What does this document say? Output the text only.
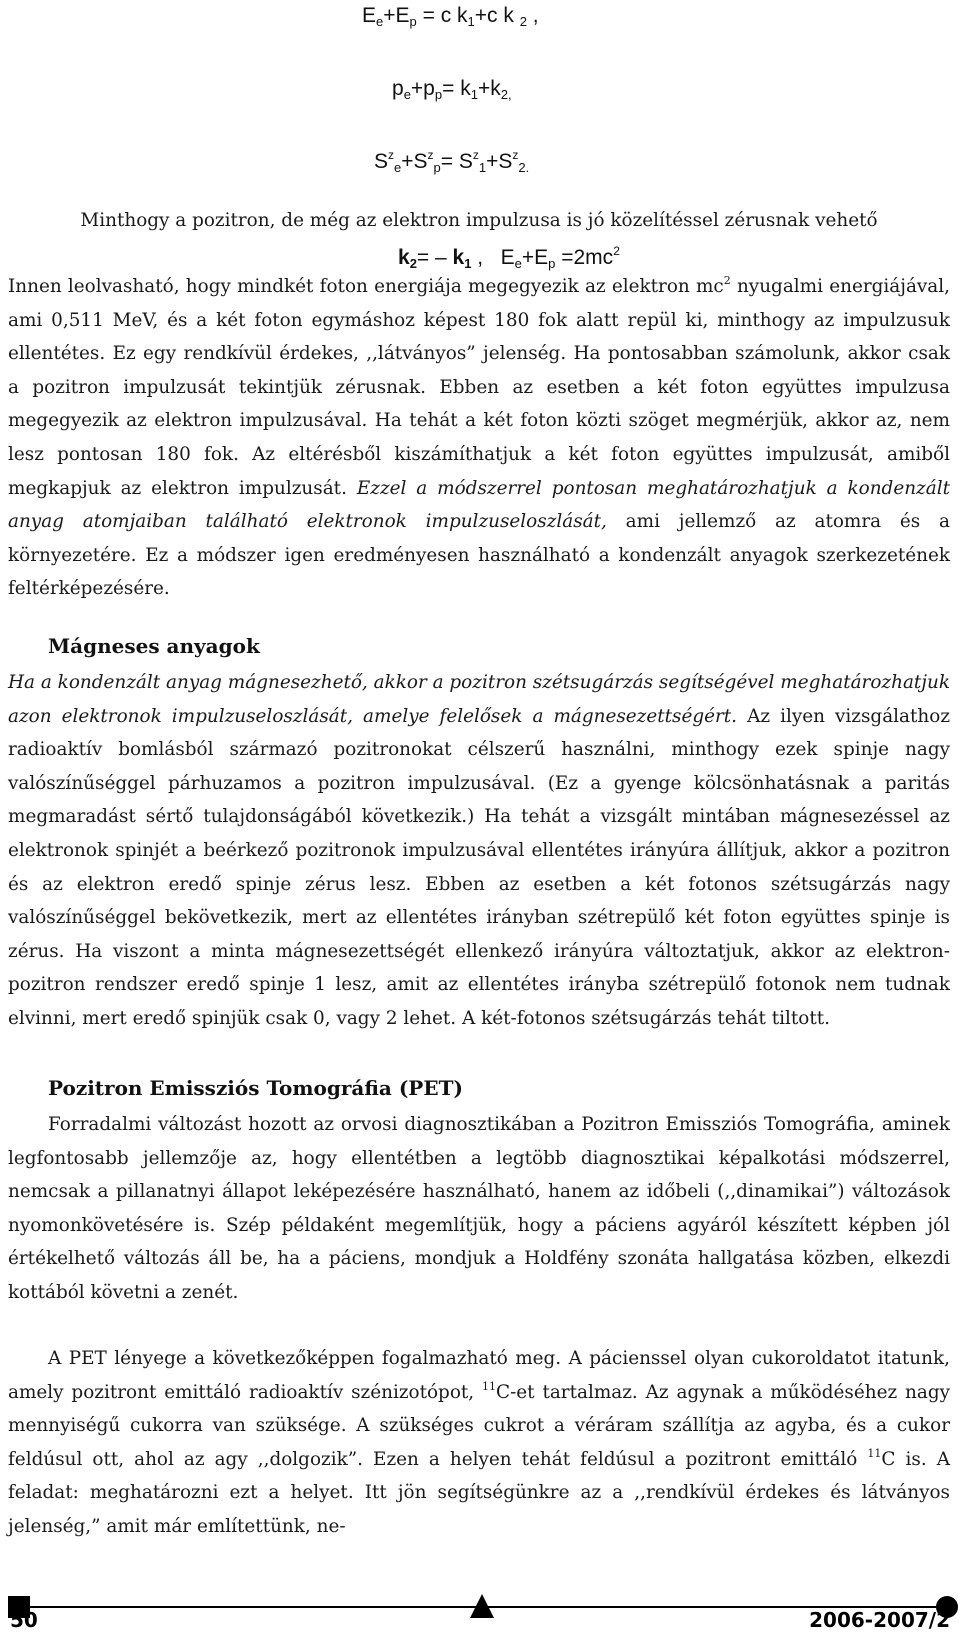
$E_e+E_p = c$ $k_1+c$ k $_2$ ,
$p_e+p_p= k_1+k_{2,}$
$S^z_e+S^z_p= S^z_1+S^z_{2.}$

Minthogy a pozitron, de még az elektron impulzusa is jó közelítéssel zérusnak vehető

$k_2= - k_1$ ,   $E_e+E_p =2mc^2$

Innen leolvasható, hogy mindkét foton energiája megegyezik az elektron $mc^2$ nyugalmi energiájával, ami 0,511 MeV, és a két foton egymáshoz képest 180 fok alatt repül ki, minthogy az impulzusuk ellentétes. Ez egy rendkívül érdekes, ,,látványos” jelenség. Ha pontosabban számolunk, akkor csak a pozitron impulzusát tekintjük zérusnak. Ebben az esetben a két foton együttes impulzusa megegyezik az elektron impulzusával. Ha tehát a két foton közti szöget megmérjük, akkor az, nem lesz pontosan 180 fok. Az eltérésből kiszámíthatjuk a két foton együttes impulzusát, amiből megkapjuk az elektron impulzusát. Ezzel a módszerrel pontosan meghatározhatjuk a kondenzált anyag atomjaiban található elektronok impulzuseloszlását, ami jellemző az atomra és a környezetére. Ez a módszer igen eredményesen használható a kondenzált anyagok szerkezetének feltérképezésére.

Mágneses anyagok

Ha a kondenzált anyag mágnesezhető, akkor a pozitron szétsugárzás segítségével meghatározhatjuk azon elektronok impulzuseloszlását, amelye felelősek a mágnesezettségért. Az ilyen vizsgálathoz radioaktív bomlásból származó pozitronokat célszerű használni, minthogy ezek spinje nagy valószínűséggel párhuzamos a pozitron impulzusával. (Ez a gyenge kölcsönhatásnak a paritás megmaradást sértő tulajdonságából következik.) Ha tehát a vizsgált mintában mágnesezéssel az elektronok spinjét a beérkező pozitronok impulzusával ellentétes irányúra állítjuk, akkor a pozitron és az elektron eredő spinje zérus lesz. Ebben az esetben a két fotonos szétsugárzás nagy valószínűséggel bekövetkezik, mert az ellentétes irányban szétrepülő két foton együttes spinje is zérus. Ha viszont a minta mágnesezettségét ellenkező irányúra változtatjuk, akkor az elektron-pozitron rendszer eredő spinje 1 lesz, amit az ellentétes irányba szétrepülő fotonok nem tudnak elvinni, mert eredő spinjük csak 0, vagy 2 lehet. A két-fotonos szétsugárzás tehát tiltott.

Pozitron Emissziós Tomográfia (PET)

Forradalmi változást hozott az orvosi diagnosztikában a Pozitron Emissziós Tomográfia, aminek legfontosabb jellemzője az, hogy ellentétben a legtöbb diagnosztikai képalkotási módszerrel, nemcsak a pillanatnyi állapot leképezésére használható, hanem az időbeli (,,dinamikai”) változások nyomonkövetésére is. Szép példaként megemlítjük, hogy a páciens agyáról készített képben jól értékelhető változás áll be, ha a páciens, mondjuk a Holdfény szonáta hallgatása közben, elkezdi kottából követni a zenét.

A PET lényege a következőképpen fogalmazható meg. A pácienssel olyan cukoroldatot itatunk, amely pozitront emittáló radioaktív szénizotópot, $^{11}$C-et tartalmaz. Az agynak a működéséhez nagy mennyiségű cukorra van szüksége. A szükséges cukrot a véráram szállítja az agyba, és a cukor feldúsul ott, ahol az agy ,,dolgozik”. Ezen a helyen tehát feldúsul a pozitront emittáló $^{11}$C is. A feladat: meghatározni ezt a helyet. Itt jön segítségünkre az a ,,rendkívül érdekes és látványos jelenség,” amit már említettünk, ne-

50	2006-2007/2
